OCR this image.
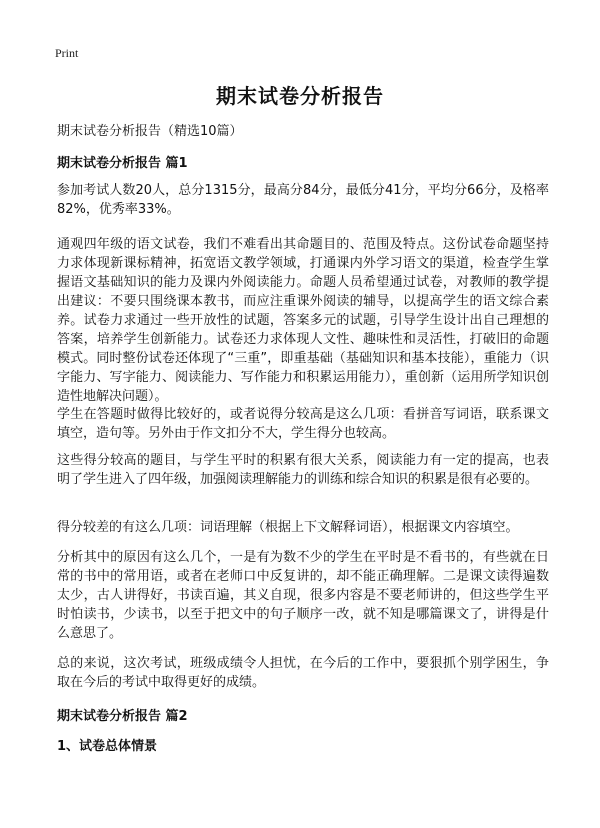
Print
期末试卷分析报告
期末试卷分析报告（精选10篇）
期末试卷分析报告 篇1

参加考试人数20人，总分1315分，最高分84分，最低分41分，平均分66分，及格率82%，优秀率33%。

通观四年级的语文试卷，我们不难看出其命题目的、范围及特点。这份试卷命题坚持力求体现新课标精神，拓宽语文教学领域，打通课内外学习语文的渠道，检查学生掌握语文基础知识的能力及课内外阅读能力。命题人员希望通过试卷，对教师的教学提出建议：不要只围绕课本教书，而应注重课外阅读的辅导，以提高学生的语文综合素养。试卷力求通过一些开放性的试题，答案多元的试题，引导学生设计出自己理想的答案，培养学生创新能力。试卷还力求体现人文性、趣味性和灵活性，打破旧的命题模式。同时整份试卷还体现了“三重”，即重基础（基础知识和基本技能），重能力（识字能力、写字能力、阅读能力、写作能力和积累运用能力），重创新（运用所学知识创造性地解决问题）。

学生在答题时做得比较好的，或者说得分较高是这么几项：看拼音写词语，联系课文填空，造句等。另外由于作文扣分不大，学生得分也较高。

这些得分较高的题目，与学生平时的积累有很大关系，阅读能力有一定的提高，也表明了学生进入了四年级，加强阅读理解能力的训练和综合知识的积累是很有必要的。

得分较差的有这么几项：词语理解（根据上下文解释词语），根据课文内容填空。

分析其中的原因有这么几个，一是有为数不少的学生在平时是不看书的，有些就在日常的书中的常用语，或者在老师口中反复讲的，却不能正确理解。二是课文读得遍数太少，古人讲得好，书读百遍，其义自现，很多内容是不要老师讲的，但这些学生平时怕读书，少读书，以至于把文中的句子顺序一改，就不知是哪篇课文了，讲得是什么意思了。

总的来说，这次考试，班级成绩令人担忧，在今后的工作中，要狠抓个别学困生，争取在今后的考试中取得更好的成绩。

期末试卷分析报告 篇2
1、试卷总体情景
